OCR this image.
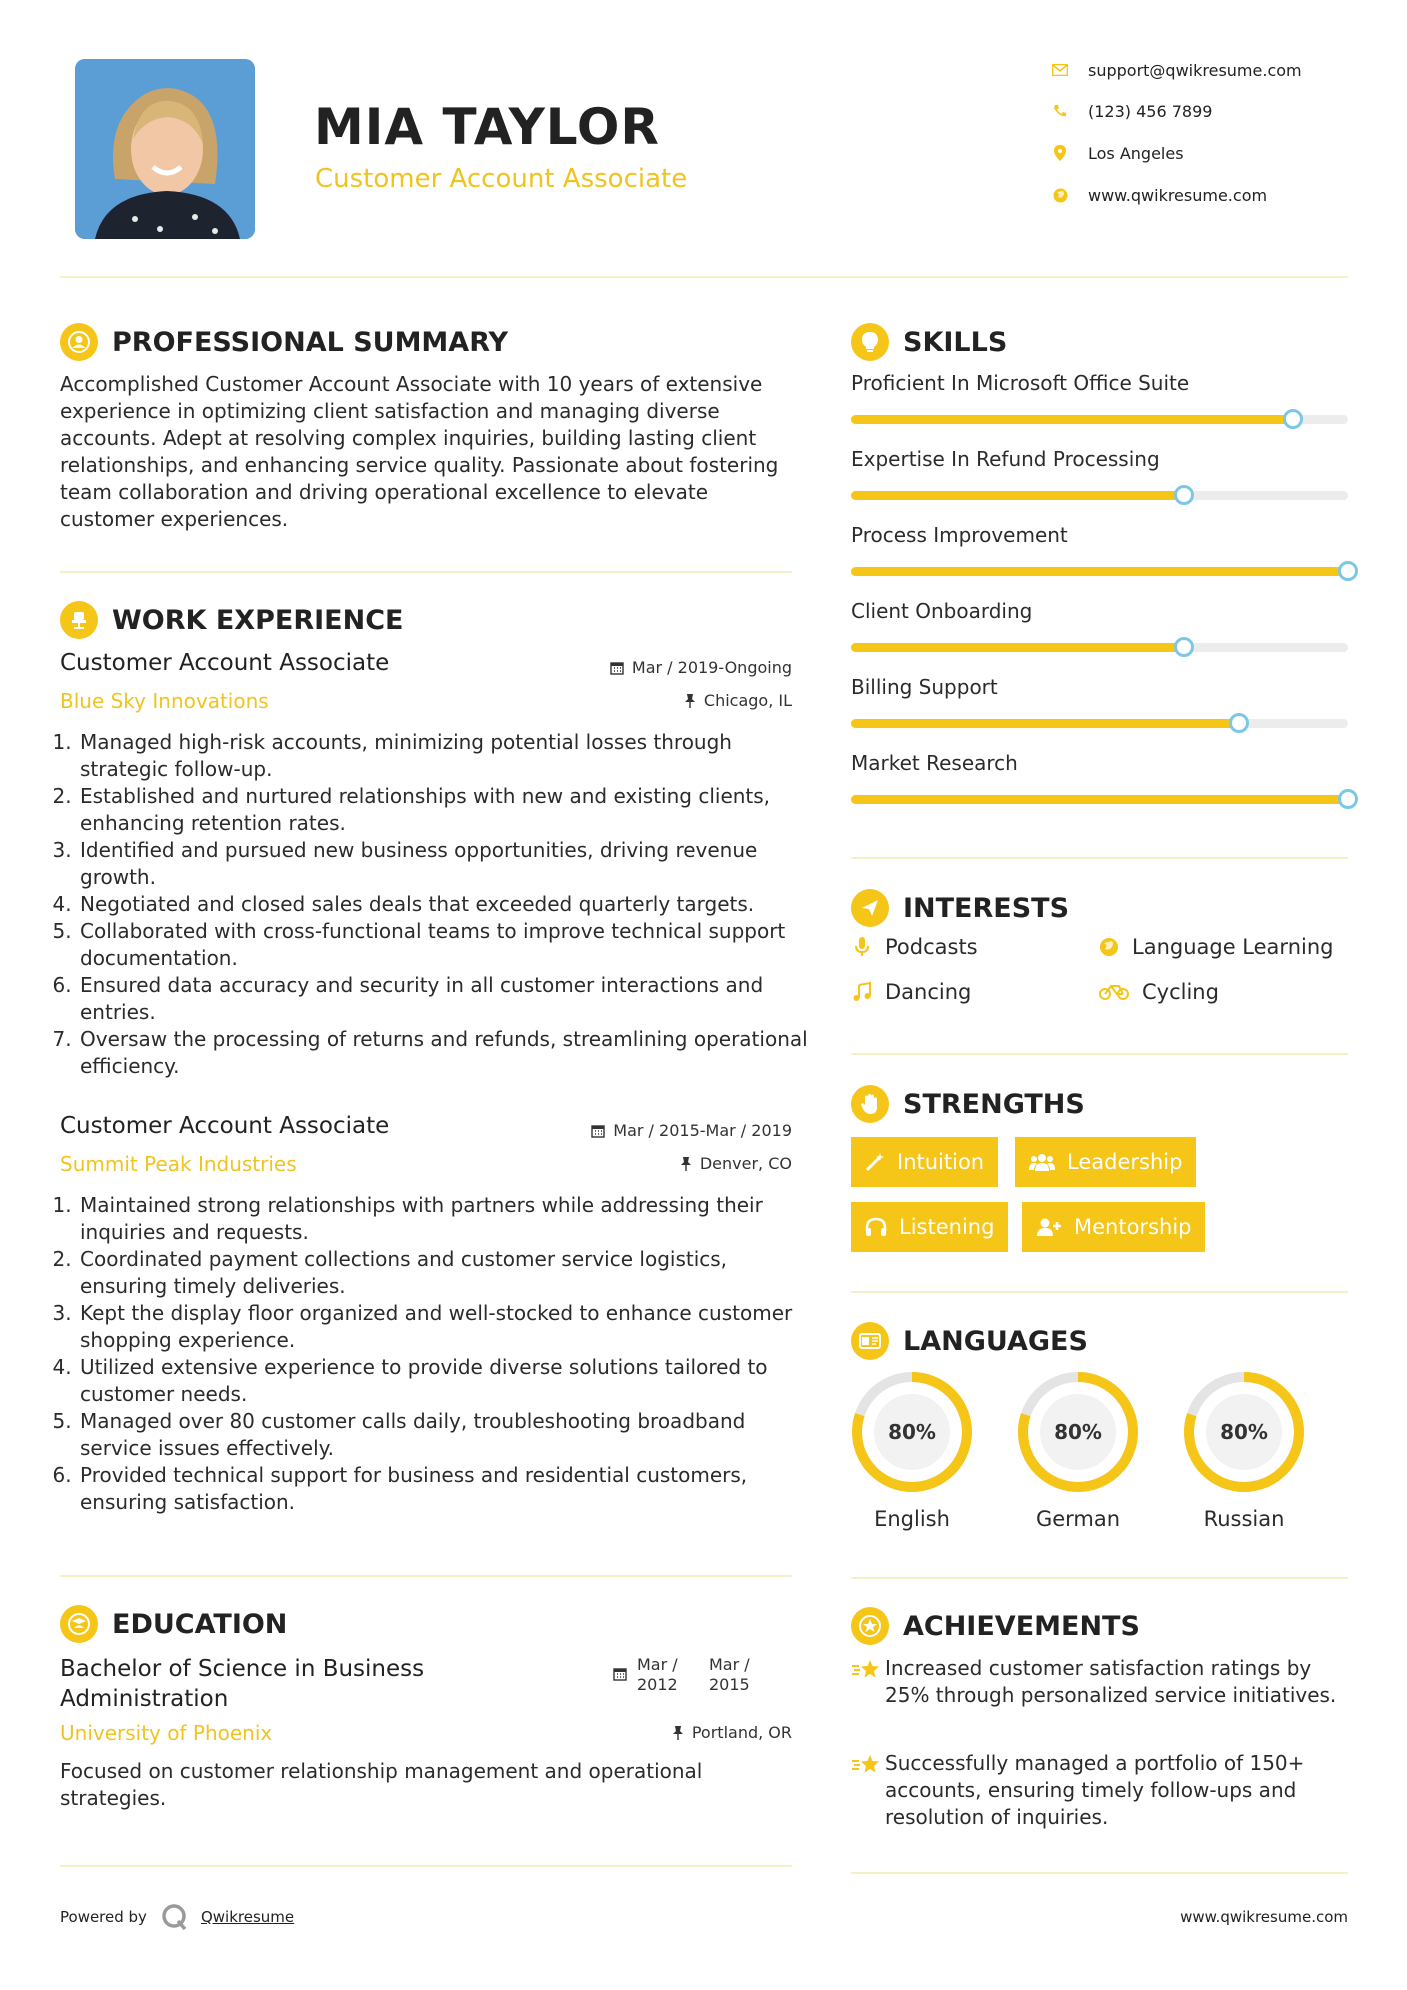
MIA TAYLOR
Customer Account Associate
support@qwikresume.com
(123) 456 7899
Los Angeles
www.qwikresume.com
PROFESSIONAL SUMMARY
Accomplished Customer Account Associate with 10 years of extensive experience in optimizing client satisfaction and managing diverse accounts. Adept at resolving complex inquiries, building lasting client relationships, and enhancing service quality. Passionate about fostering team collaboration and driving operational excellence to elevate customer experiences.
WORK EXPERIENCE
Customer Account Associate	Mar / 2019-Ongoing
Blue Sky Innovations	Chicago, IL
1. Managed high-risk accounts, minimizing potential losses through strategic follow-up.
2. Established and nurtured relationships with new and existing clients, enhancing retention rates.
3. Identified and pursued new business opportunities, driving revenue growth.
4. Negotiated and closed sales deals that exceeded quarterly targets.
5. Collaborated with cross-functional teams to improve technical support documentation.
6. Ensured data accuracy and security in all customer interactions and entries.
7. Oversaw the processing of returns and refunds, streamlining operational efficiency.
Customer Account Associate	Mar / 2015-Mar / 2019
Summit Peak Industries	Denver, CO
1. Maintained strong relationships with partners while addressing their inquiries and requests.
2. Coordinated payment collections and customer service logistics, ensuring timely deliveries.
3. Kept the display floor organized and well-stocked to enhance customer shopping experience.
4. Utilized extensive experience to provide diverse solutions tailored to customer needs.
5. Managed over 80 customer calls daily, troubleshooting broadband service issues effectively.
6. Provided technical support for business and residential customers, ensuring satisfaction.
EDUCATION
Bachelor of Science in Business Administration
Mar / 2012
Mar / 2015
University of Phoenix	Portland, OR
Focused on customer relationship management and operational strategies.
SKILLS
Proficient In Microsoft Office Suite
Expertise In Refund Processing
Process Improvement
Client Onboarding
Billing Support
Market Research
INTERESTS
Podcasts	Language Learning
Dancing	Cycling
STRENGTHS
Intuition	Leadership
Listening	Mentorship
LANGUAGES
80%
English
80%
German
80%
Russian
ACHIEVEMENTS
Increased customer satisfaction ratings by 25% through personalized service initiatives.
Successfully managed a portfolio of 150+ accounts, ensuring timely follow-ups and resolution of inquiries.
Powered by	Qwikresume	www.qwikresume.com
